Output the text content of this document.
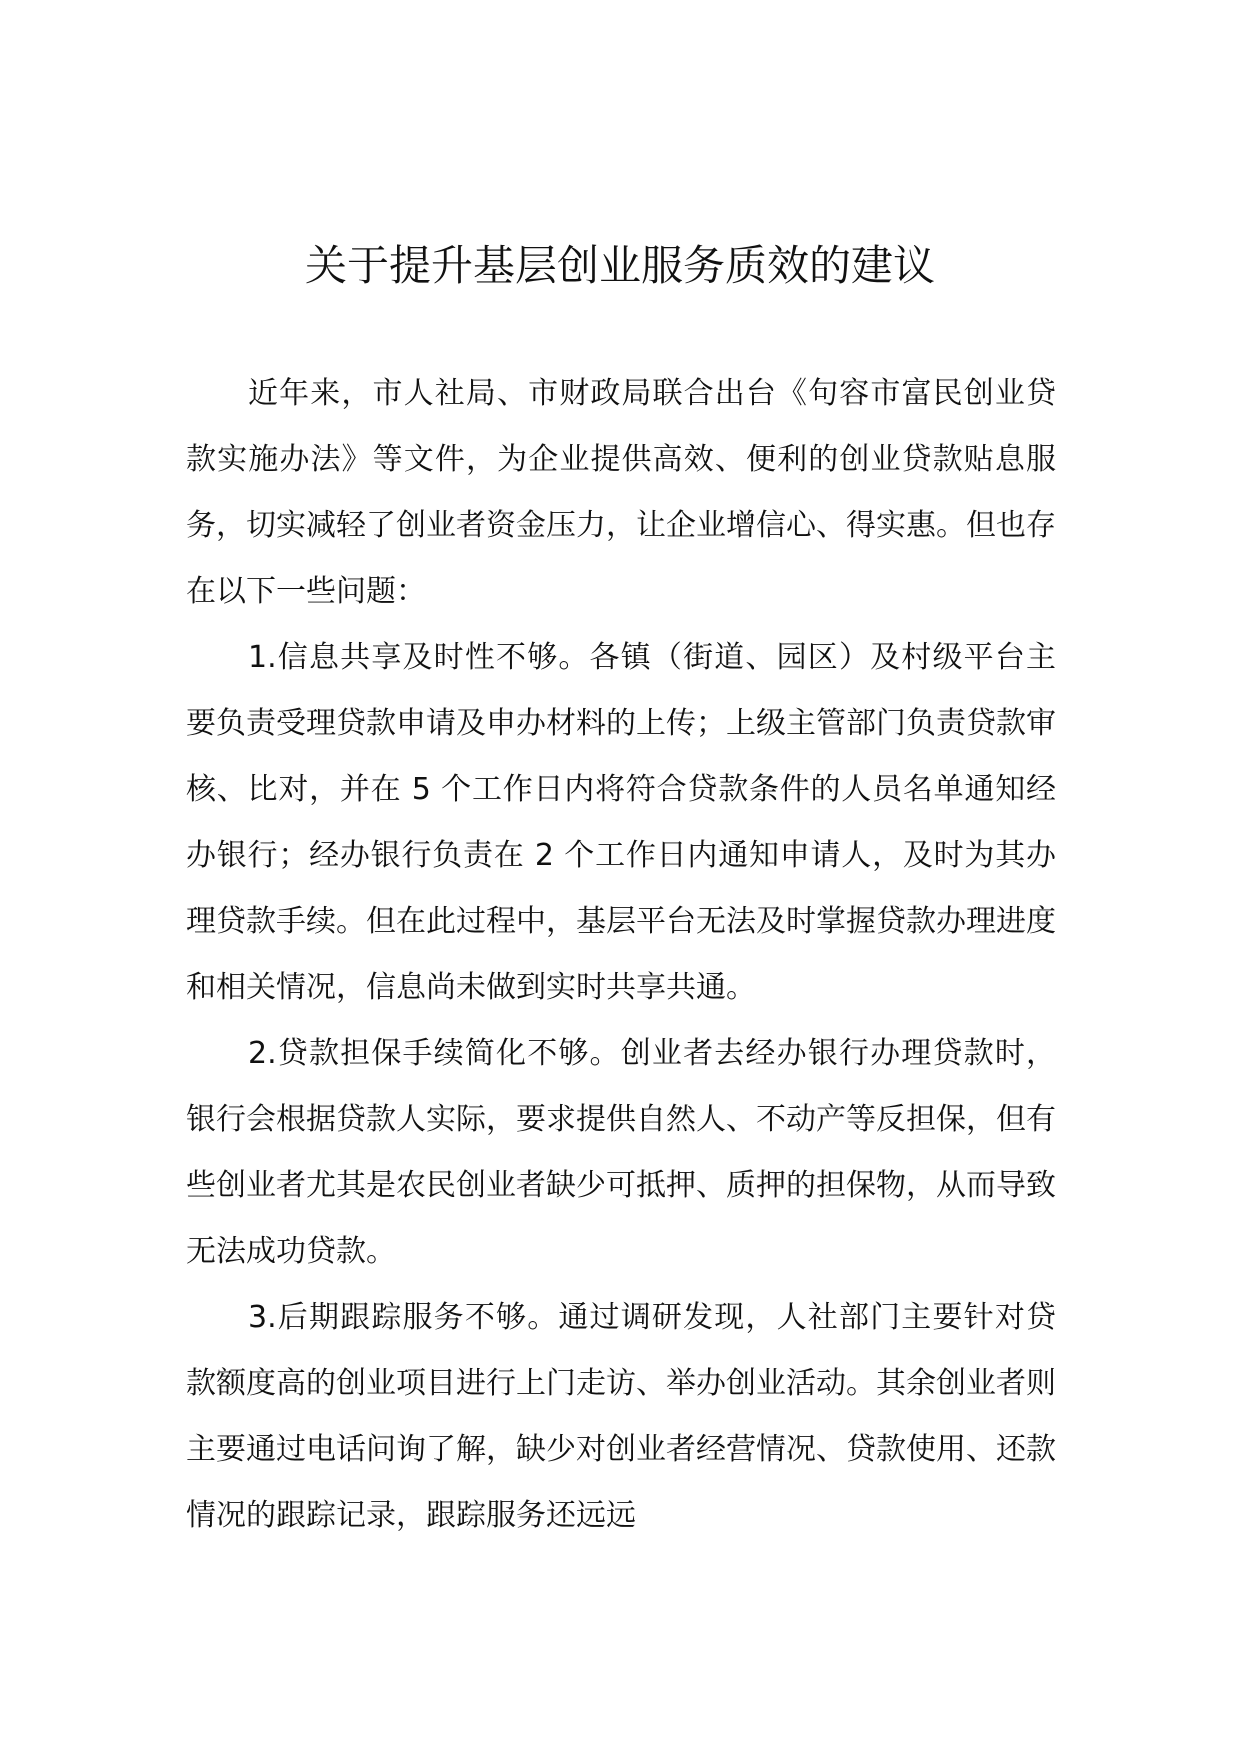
关于提升基层创业服务质效的建议

近年来，市人社局、市财政局联合出台《句容市富民创业贷款实施办法》等文件，为企业提供高效、便利的创业贷款贴息服务，切实减轻了创业者资金压力，让企业增信心、得实惠。但也存在以下一些问题：

1.信息共享及时性不够。各镇（街道、园区）及村级平台主要负责受理贷款申请及申办材料的上传；上级主管部门负责贷款审核、比对，并在 5 个工作日内将符合贷款条件的人员名单通知经办银行；经办银行负责在 2 个工作日内通知申请人，及时为其办理贷款手续。但在此过程中，基层平台无法及时掌握贷款办理进度和相关情况，信息尚未做到实时共享共通。

2.贷款担保手续简化不够。创业者去经办银行办理贷款时，银行会根据贷款人实际，要求提供自然人、不动产等反担保，但有些创业者尤其是农民创业者缺少可抵押、质押的担保物，从而导致无法成功贷款。

3.后期跟踪服务不够。通过调研发现，人社部门主要针对贷款额度高的创业项目进行上门走访、举办创业活动。其余创业者则主要通过电话问询了解，缺少对创业者经营情况、贷款使用、还款情况的跟踪记录，跟踪服务还远远
